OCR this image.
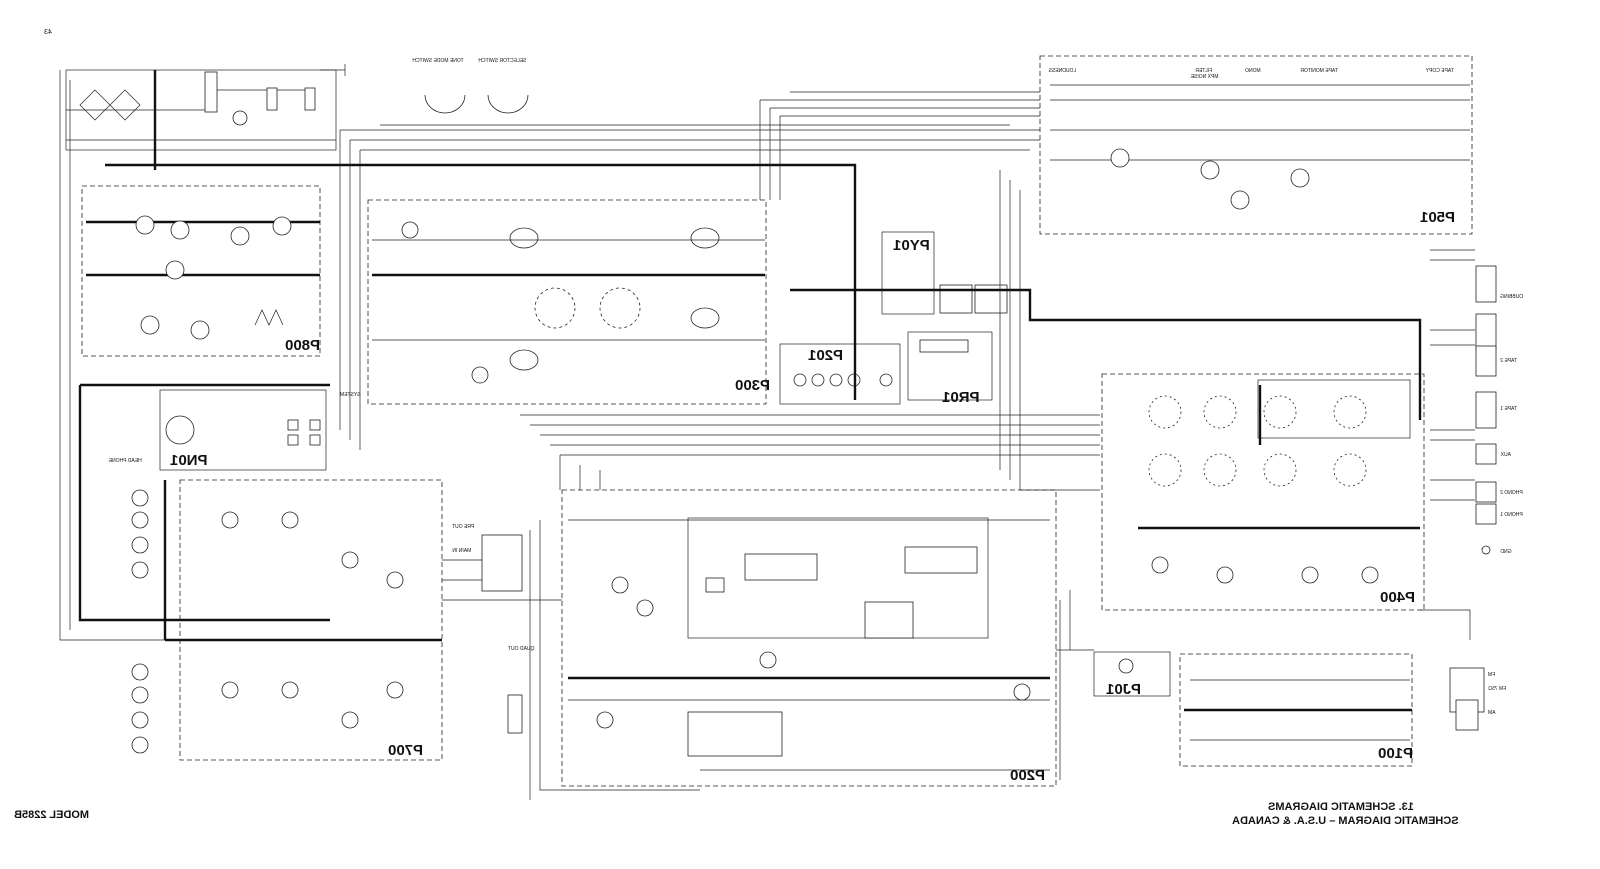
43
TONE MODE SWITCH	SELECTOR SWITCH
P501
LOUDNESS	TAPE COPY
TAPE MONITOR
MONO
FILTER
MPX NOISE
P800
P300
PY01
P201
PR01
PN01
HEAD PHONE
SYSTEM
P700
MAIN IN
PRE OUT
QUAD OUT
P200
PJ01
P100
FM
FM 75Ω
AM
P400
DUBBING
TAPE 2
TAPE 1
AUX
PHONO 2
PHONO 1
GND
13. SCHEMATIC DIAGRAMS
SCHEMATIC DIAGRAM – U.S.A. & CANADA
MODEL 2285B
